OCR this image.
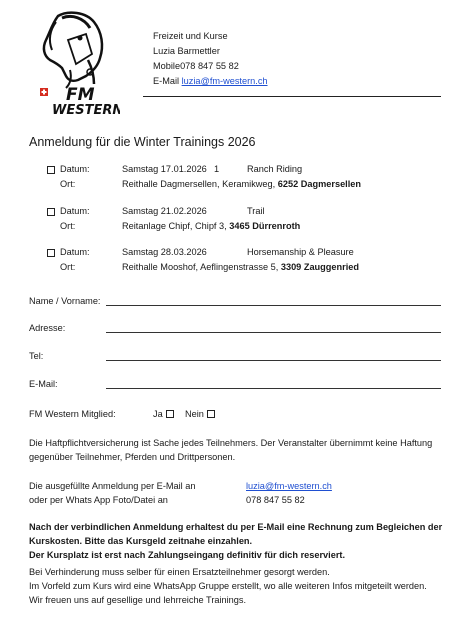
FM
WESTERN
Freizeit und Kurse
Luzia Barmettler
Mobile078 847 55 82
E-Mail luzia@fm-western.ch
Anmeldung für die Winter Trainings 2026
Datum:	Samstag 17.01.2026 1	Ranch Riding
Ort:	Reithalle Dagmersellen, Keramikweg, 6252 Dagmersellen
Datum:	Samstag 21.02.2026	Trail
Ort:	Reitanlage Chipf, Chipf 3, 3465 Dürrenroth
Datum:	Samstag 28.03.2026	Horsemanship & Pleasure
Ort:	Reithalle Mooshof, Aeflingenstrasse 5, 3309 Zauggenried
Name / Vorname:
Adresse:
Tel:
E-Mail:
FM Western Mitglied:	Ja	Nein
Die Haftpflichtversicherung ist Sache jedes Teilnehmers. Der Veranstalter übernimmt keine Haftung
gegenüber Teilnehmer, Pferden und Drittpersonen.
Die ausgefüllte Anmeldung per E-Mail an	luzia@fm-western.ch
oder per Whats App Foto/Datei an	078 847 55 82
Nach der verbindlichen Anmeldung erhaltest du per E-Mail eine Rechnung zum Begleichen der
Kurskosten. Bitte das Kursgeld zeitnahe einzahlen.
Der Kursplatz ist erst nach Zahlungseingang definitiv für dich reserviert.
Bei Verhinderung muss selber für einen Ersatzteilnehmer gesorgt werden.
Im Vorfeld zum Kurs wird eine WhatsApp Gruppe erstellt, wo alle weiteren Infos mitgeteilt werden.
Wir freuen uns auf gesellige und lehrreiche Trainings.
